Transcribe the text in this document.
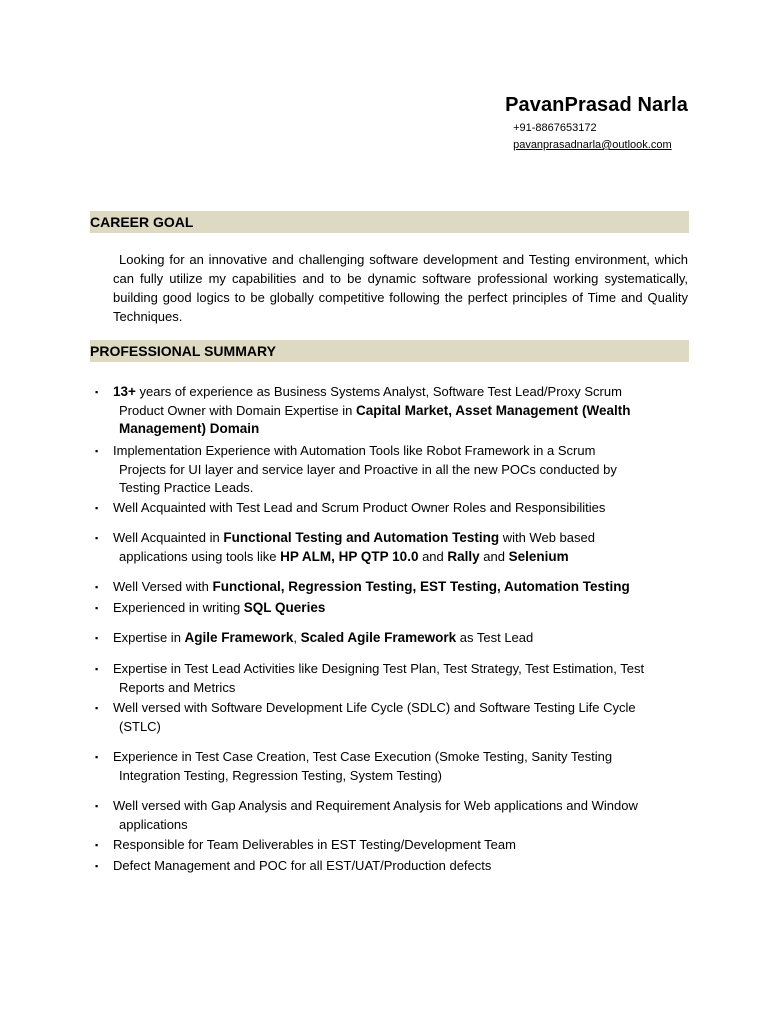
PavanPrasad Narla
+91-8867653172
pavanprasadnarla@outlook.com
CAREER GOAL
Looking for an innovative and challenging software development and Testing environment, which can fully utilize my capabilities and to be dynamic software professional working systematically, building good logics to be globally competitive following the perfect principles of Time and Quality Techniques.
PROFESSIONAL SUMMARY
▪ 13+ years of experience as Business Systems Analyst, Software Test Lead/Proxy Scrum
Product Owner with Domain Expertise in Capital Market, Asset Management (Wealth
Management) Domain
▪ Implementation Experience with Automation Tools like Robot Framework in a Scrum
Projects for UI layer and service layer and Proactive in all the new POCs conducted by
Testing Practice Leads.
▪ Well Acquainted with Test Lead and Scrum Product Owner Roles and Responsibilities
▪ Well Acquainted in Functional Testing and Automation Testing with Web based
applications using tools like HP ALM, HP QTP 10.0 and Rally and Selenium
▪ Well Versed with Functional, Regression Testing, EST Testing, Automation Testing
▪ Experienced in writing SQL Queries
▪ Expertise in Agile Framework, Scaled Agile Framework as Test Lead
▪ Expertise in Test Lead Activities like Designing Test Plan, Test Strategy, Test Estimation, Test
Reports and Metrics
▪ Well versed with Software Development Life Cycle (SDLC) and Software Testing Life Cycle
(STLC)
▪ Experience in Test Case Creation, Test Case Execution (Smoke Testing, Sanity Testing
Integration Testing, Regression Testing, System Testing)
▪ Well versed with Gap Analysis and Requirement Analysis for Web applications and Window
applications
▪ Responsible for Team Deliverables in EST Testing/Development Team
▪ Defect Management and POC for all EST/UAT/Production defects
